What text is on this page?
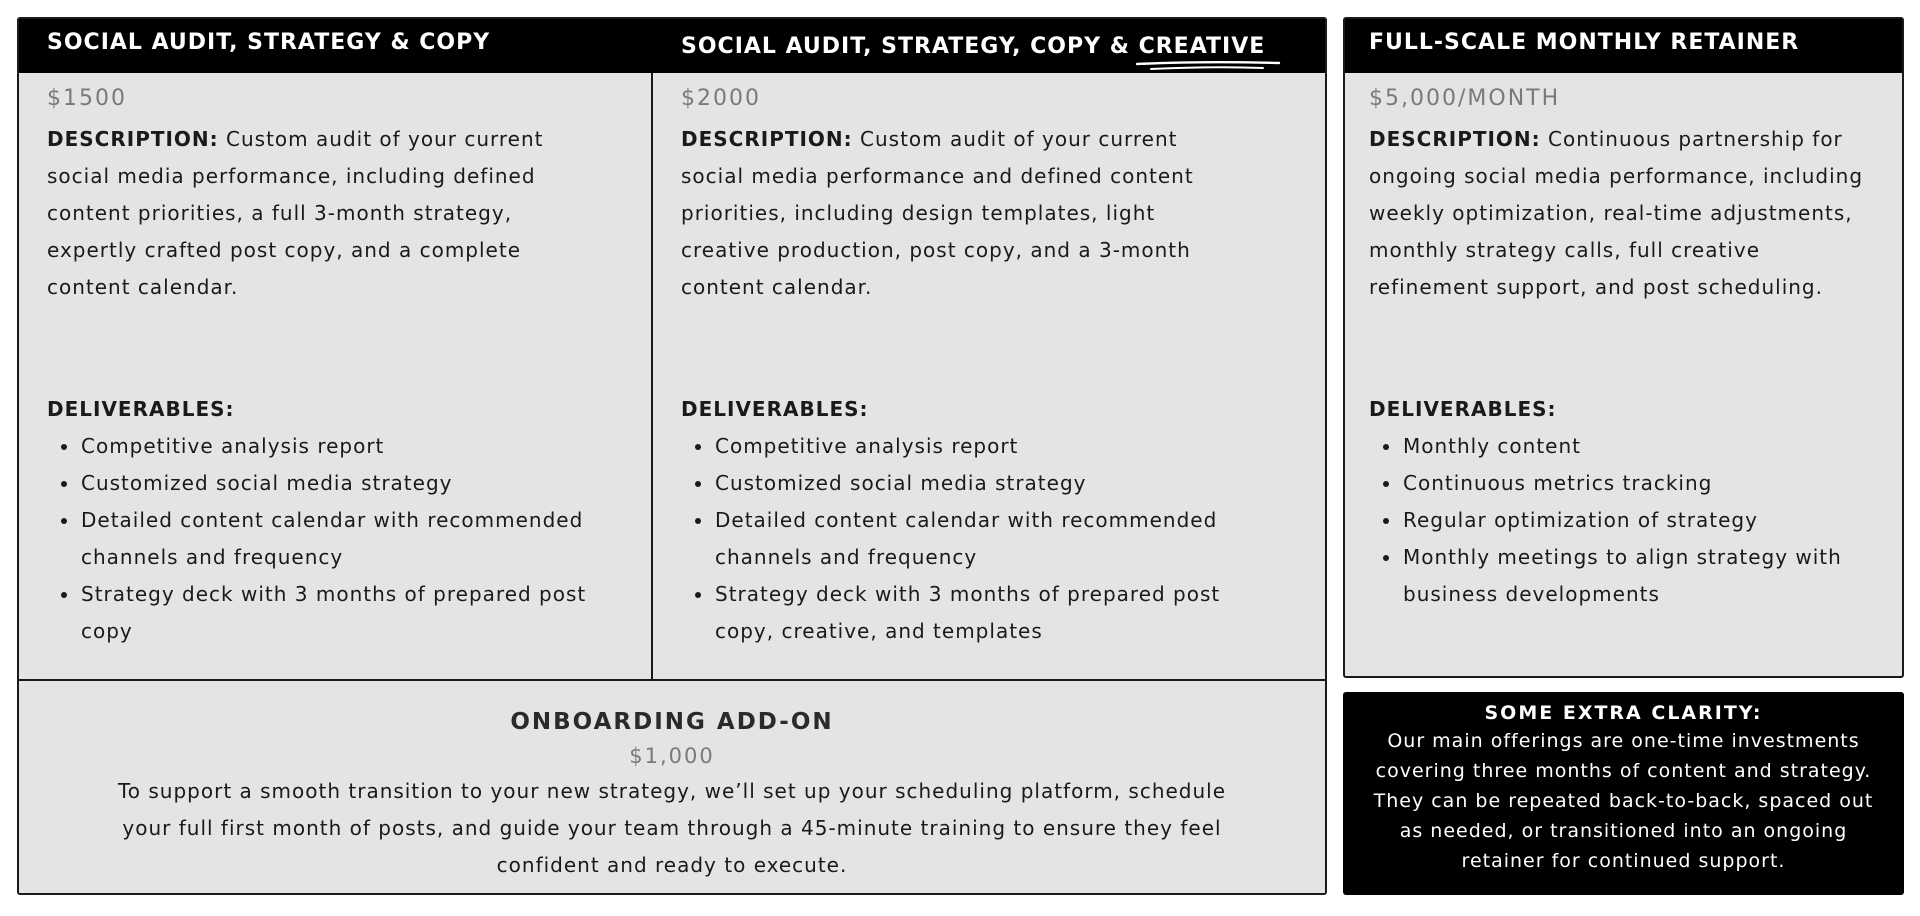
SOCIAL AUDIT, STRATEGY & COPY	SOCIAL AUDIT, STRATEGY, COPY & CREATIVE

$1500

DESCRIPTION: Custom audit of your current social media performance, including defined content priorities, a full 3-month strategy, expertly crafted post copy, and a complete content calendar.

DELIVERABLES:

Competitive analysis report
Customized social media strategy
Detailed content calendar with recommended channels and frequency
Strategy deck with 3 months of prepared post copy

$2000

DESCRIPTION: Custom audit of your current social media performance and defined content priorities, including design templates, light creative production, post copy, and a 3-month content calendar.

DELIVERABLES:

Competitive analysis report
Customized social media strategy
Detailed content calendar with recommended channels and frequency
Strategy deck with 3 months of prepared post copy, creative, and templates
ONBOARDING ADD-ON
$1,000
To support a smooth transition to your new strategy, we’ll set up your scheduling platform, schedule your full first month of posts, and guide your team through a 45-minute training to ensure they feel confident and ready to execute.
FULL-SCALE MONTHLY RETAINER

$5,000/MONTH

DESCRIPTION: Continuous partnership for ongoing social media performance, including weekly optimization, real-time adjustments, monthly strategy calls, full creative refinement support, and post scheduling.

DELIVERABLES:

Monthly content
Continuous metrics tracking
Regular optimization of strategy
Monthly meetings to align strategy with business developments
SOME EXTRA CLARITY:
Our main offerings are one-time investments covering three months of content and strategy. They can be repeated back-to-back, spaced out as needed, or transitioned into an ongoing retainer for continued support.
